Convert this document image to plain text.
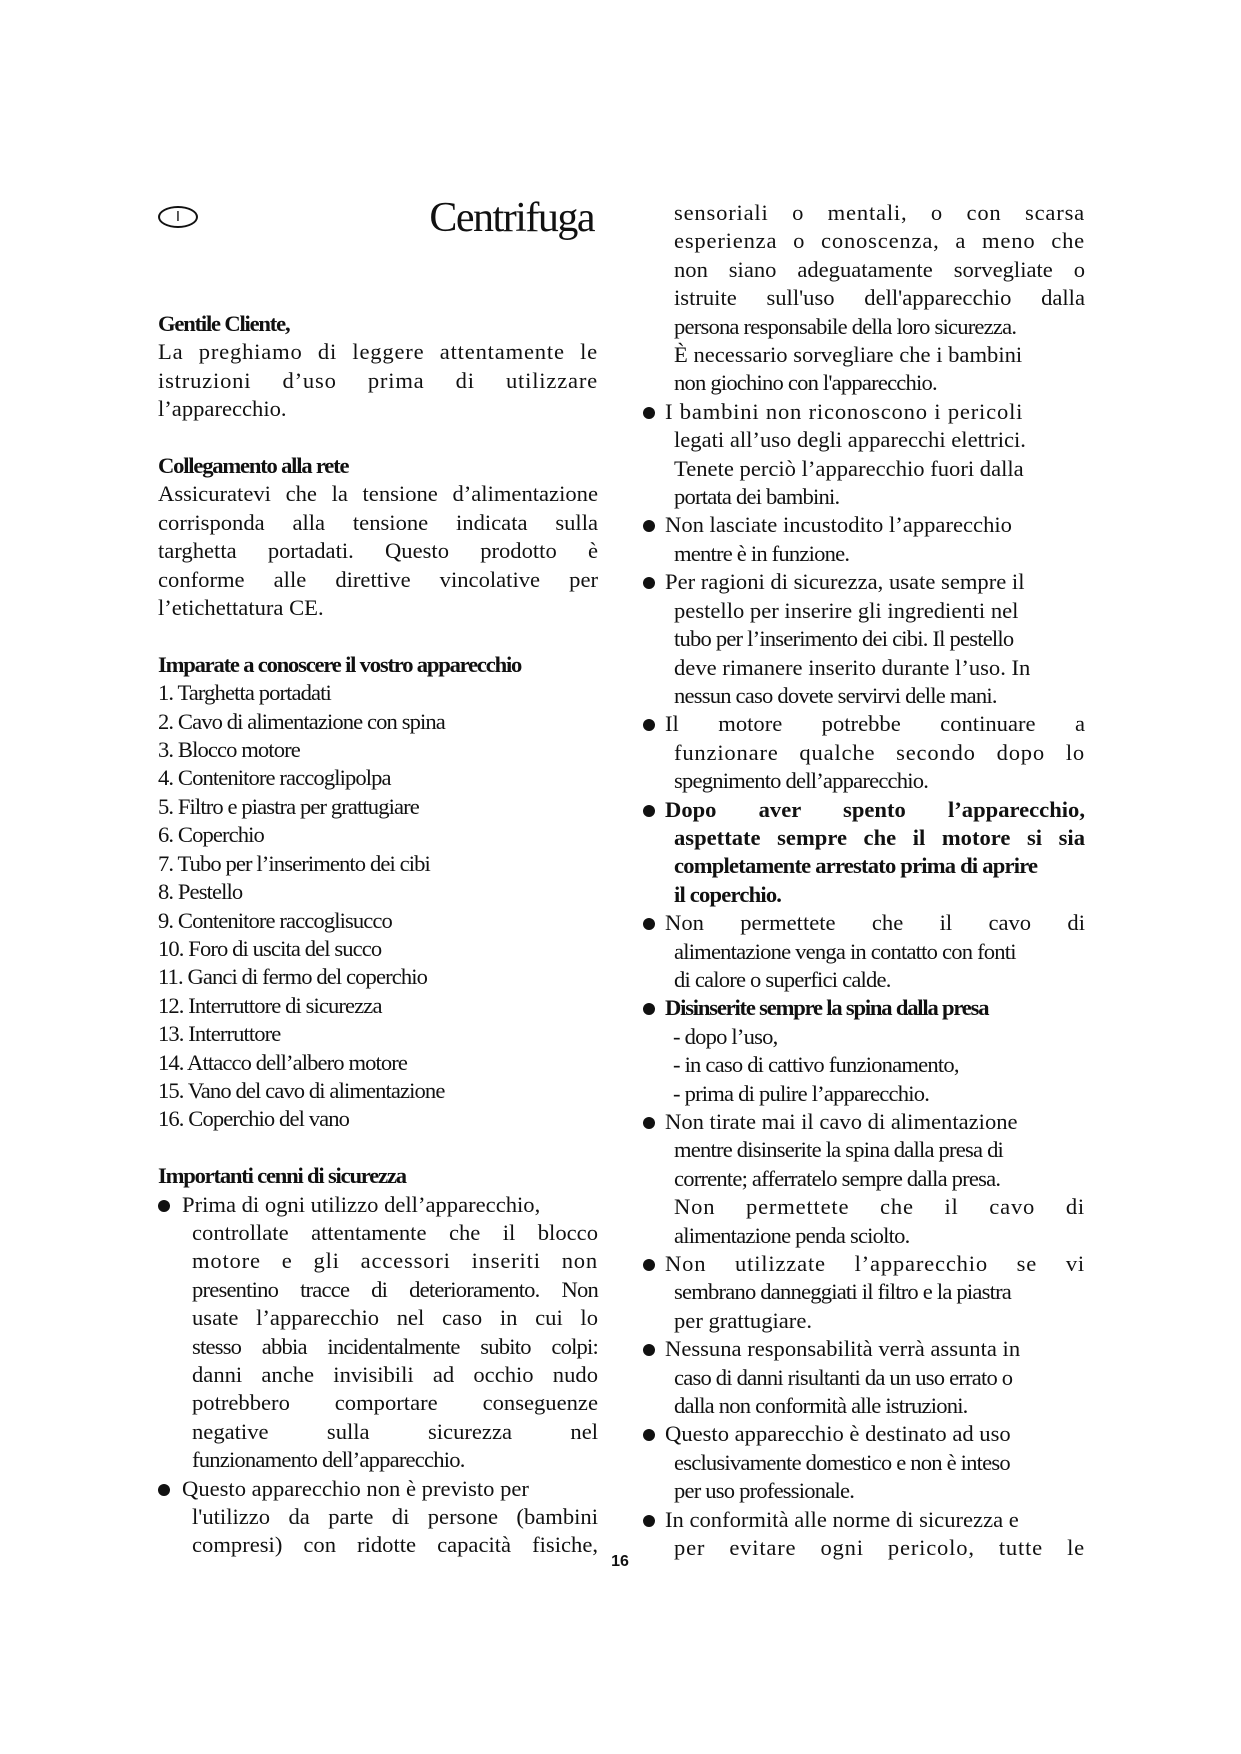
I	Centrifuga

Gentile Cliente,

La preghiamo di leggere attentamente le

istruzioni d’uso prima di utilizzare

l’apparecchio.

Collegamento alla rete

Assicuratevi che la tensione d’alimentazione

corrisponda alla tensione indicata sulla

targhetta portadati. Questo prodotto è

conforme alle direttive vincolative per

l’etichettatura CE.

Imparate a conoscere il vostro apparecchio

1. Targhetta portadati
2. Cavo di alimentazione con spina
3. Blocco motore
4. Contenitore raccoglipolpa
5. Filtro e piastra per grattugiare
6. Coperchio
7. Tubo per l’inserimento dei cibi
8. Pestello
9. Contenitore raccoglisucco
10. Foro di uscita del succo
11. Ganci di fermo del coperchio
12. Interruttore di sicurezza
13. Interruttore
14. Attacco dell’albero motore
15. Vano del cavo di alimentazione
16. Coperchio del vano

Importanti cenni di sicurezza

Prima di ogni utilizzo dell’apparecchio,

controllate attentamente che il blocco

motore e gli accessori inseriti non

presentino tracce di deterioramento. Non

usate l’apparecchio nel caso in cui lo

stesso abbia incidentalmente subito colpi:

danni anche invisibili ad occhio nudo

potrebbero comportare conseguenze

negative sulla sicurezza nel

funzionamento dell’apparecchio.

Questo apparecchio non è previsto per

l'utilizzo da parte di persone (bambini

compresi) con ridotte capacità fisiche,

sensoriali o mentali, o con scarsa

esperienza o conoscenza, a meno che

non siano adeguatamente sorvegliate o

istruite sull'uso dell'apparecchio dalla

persona responsabile della loro sicurezza.

È necessario sorvegliare che i bambini

non giochino con l'apparecchio.

I bambini non riconoscono i pericoli

legati all’uso degli apparecchi elettrici.

Tenete perciò l’apparecchio fuori dalla

portata dei bambini.

Non lasciate incustodito l’apparecchio

mentre è in funzione.

Per ragioni di sicurezza, usate sempre il

pestello per inserire gli ingredienti nel

tubo per l’inserimento dei cibi. Il pestello

deve rimanere inserito durante l’uso. In

nessun caso dovete servirvi delle mani.

Il motore potrebbe continuare a

funzionare qualche secondo dopo lo

spegnimento dell’apparecchio.

Dopo aver spento l’apparecchio,

aspettate sempre che il motore si sia

completamente arrestato prima di aprire

il coperchio.

Non permettete che il cavo di

alimentazione venga in contatto con fonti

di calore o superfici calde.

Disinserite sempre la spina dalla presa

- dopo l’uso,

- in caso di cattivo funzionamento,

- prima di pulire l’apparecchio.

Non tirate mai il cavo di alimentazione

mentre disinserite la spina dalla presa di

corrente; afferratelo sempre dalla presa.

Non permettete che il cavo di

alimentazione penda sciolto.

Non utilizzate l’apparecchio se vi

sembrano danneggiati il filtro e la piastra

per grattugiare.

Nessuna responsabilità verrà assunta in

caso di danni risultanti da un uso errato o

dalla non conformità alle istruzioni.

Questo apparecchio è destinato ad uso

esclusivamente domestico e non è inteso

per uso professionale.

In conformità alle norme di sicurezza e

per evitare ogni pericolo, tutte le

16
